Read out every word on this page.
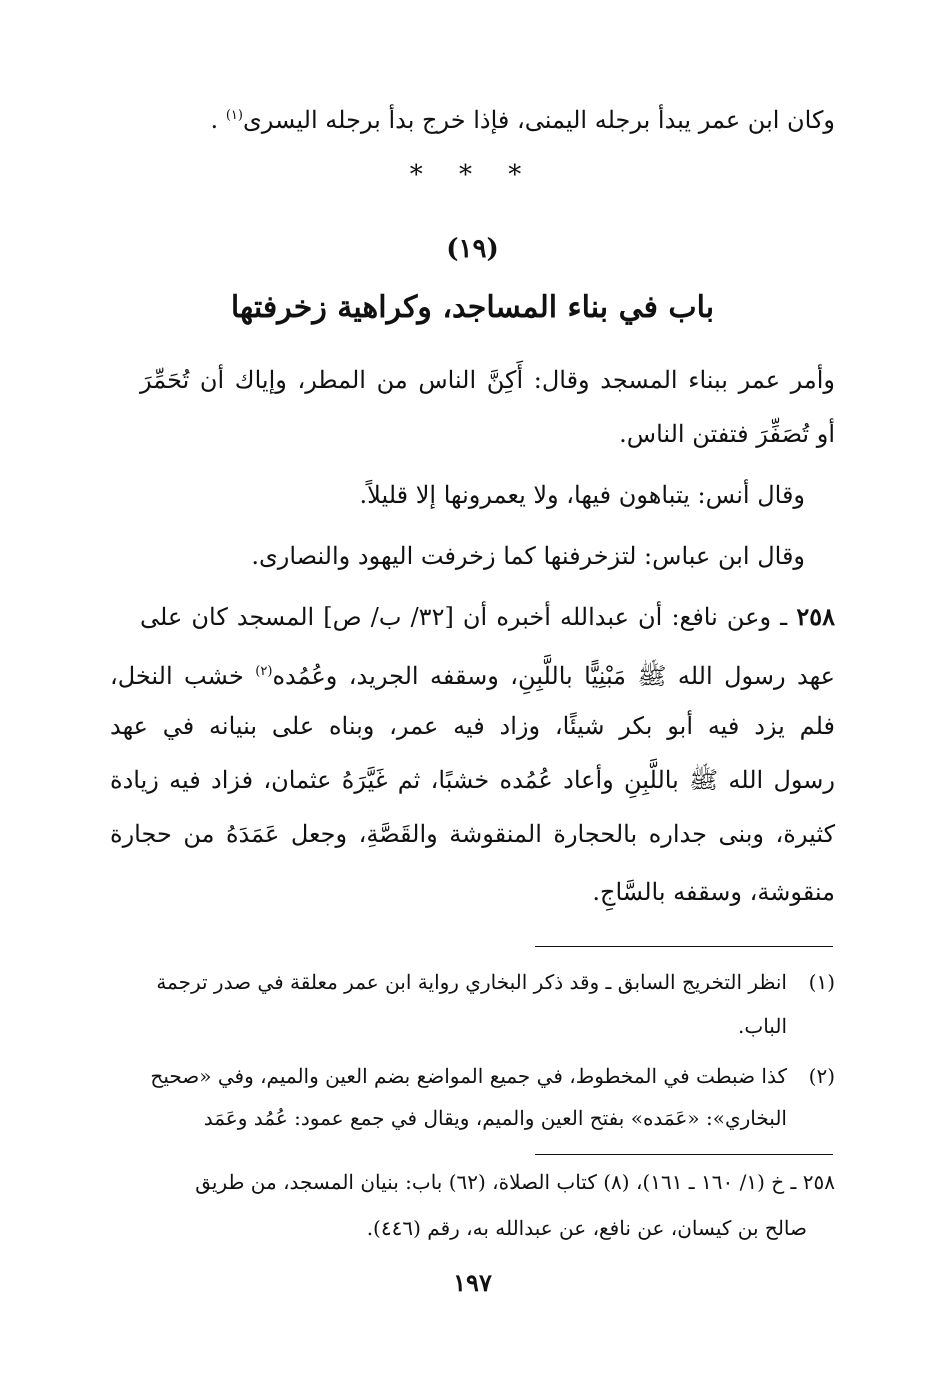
وكان ابن عمر يبدأ برجله اليمنى، فإذا خرج بدأ برجله اليسرى$^{(١)}$ .
* * *
(١٩)
باب في بناء المساجد، وكراهية زخرفتها
وأمر عمر ببناء المسجد وقال: أَكِنَّ الناس من المطر، وإياك أن تُحَمِّرَ
أو تُصَفِّرَ فتفتن الناس.
وقال أنس: يتباهون فيها، ولا يعمرونها إلا قليلاً.
وقال ابن عباس: لتزخرفنها كما زخرفت اليهود والنصارى.
٢٥٨ ـ وعن نافع: أن عبدالله أخبره أن [٣٢/ ب/ ص] المسجد كان على
عهد رسول الله ﷺ مَبْنِيًّا باللَّبِنِ، وسقفه الجريد، وعُمُده$^{(٢)}$ خشب النخل،
فلم يزد فيه أبو بكر شيئًا، وزاد فيه عمر، وبناه على بنيانه في عهد
رسول الله ﷺ باللَّبِنِ وأعاد عُمُده خشبًا، ثم غَيَّرَهُ عثمان، فزاد فيه زيادة
كثيرة، وبنى جداره بالحجارة المنقوشة والقَصَّةِ، وجعل عَمَدَهُ من حجارة
منقوشة، وسقفه بالسَّاجِ.
(١)انظر التخريج السابق ـ وقد ذكر البخاري رواية ابن عمر معلقة في صدر ترجمة
الباب.
(٢)كذا ضبطت في المخطوط، في جميع المواضع بضم العين والميم، وفي «صحيح
البخاري»: «عَمَده» بفتح العين والميم، ويقال في جمع عمود: عُمُد وعَمَد
٢٥٨ ـ خ (١/ ١٦٠ ـ ١٦١)، (٨) كتاب الصلاة، (٦٢) باب: بنيان المسجد، من طريق
صالح بن كيسان، عن نافع، عن عبدالله به، رقم (٤٤٦).
١٩٧
